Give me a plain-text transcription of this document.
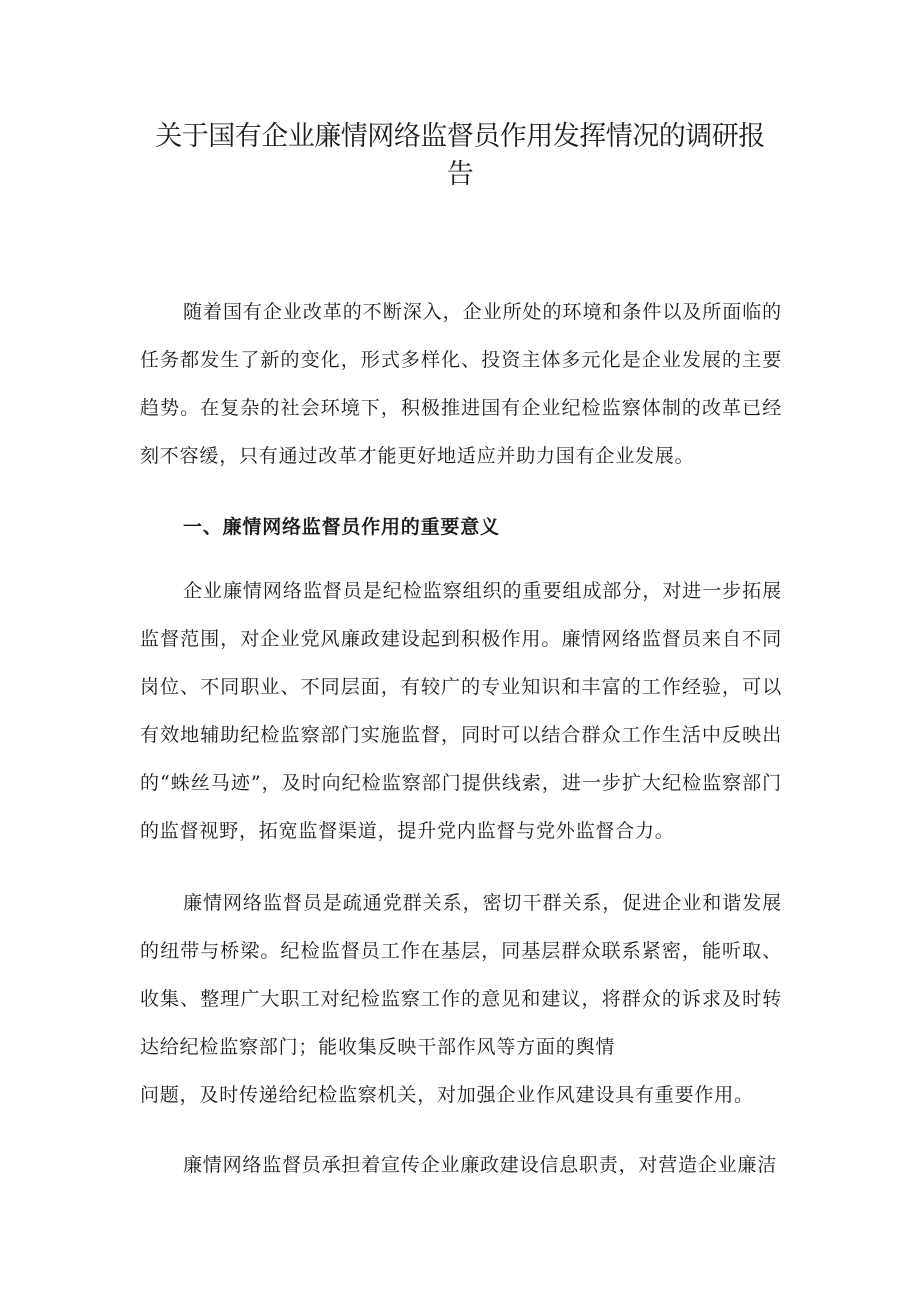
关于国有企业廉情网络监督员作用发挥情况的调研报
告

随着国有企业改革的不断深入，企业所处的环境和条件以及所面临的任务都发生了新的变化，形式多样化、投资主体多元化是企业发展的主要趋势。在复杂的社会环境下，积极推进国有企业纪检监察体制的改革已经刻不容缓，只有通过改革才能更好地适应并助力国有企业发展。

一、廉情网络监督员作用的重要意义

企业廉情网络监督员是纪检监察组织的重要组成部分，对进一步拓展监督范围，对企业党风廉政建设起到积极作用。廉情网络监督员来自不同岗位、不同职业、不同层面，有较广的专业知识和丰富的工作经验，可以有效地辅助纪检监察部门实施监督，同时可以结合群众工作生活中反映出的“蛛丝马迹”，及时向纪检监察部门提供线索，进一步扩大纪检监察部门的监督视野，拓宽监督渠道，提升党内监督与党外监督合力。

廉情网络监督员是疏通党群关系，密切干群关系，促进企业和谐发展的纽带与桥梁。纪检监督员工作在基层，同基层群众联系紧密，能听取、收集、整理广大职工对纪检监察工作的意见和建议，将群众的诉求及时转达给纪检监察部门；能收集反映干部作风等方面的舆情
问题，及时传递给纪检监察机关，对加强企业作风建设具有重要作用。

廉情网络监督员承担着宣传企业廉政建设信息职责，对营造企业廉洁
